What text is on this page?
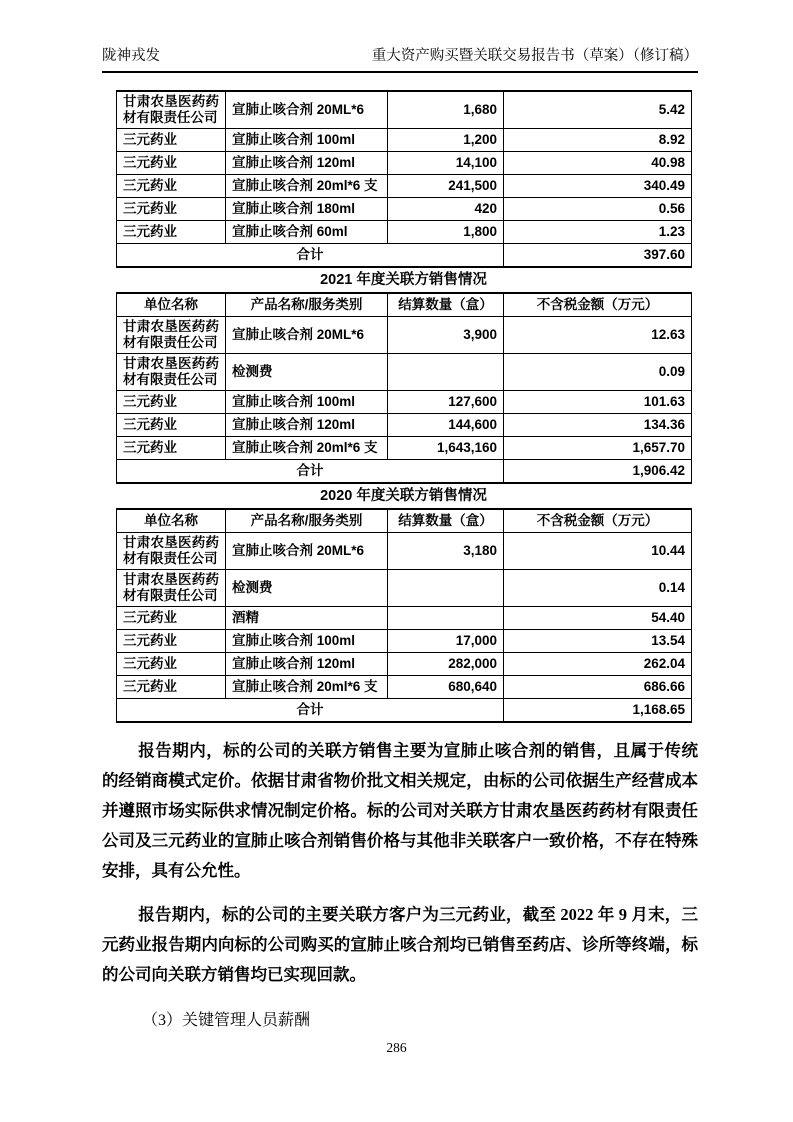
陇神戎发	重大资产购买暨关联交易报告书（草案）（修订稿）
甘肃农垦医药药材有限责任公司	宣肺止咳合剂 20ML*6	1,680	5.42
三元药业	宣肺止咳合剂 100ml	1,200	8.92
三元药业	宣肺止咳合剂 120ml	14,100	40.98
三元药业	宣肺止咳合剂 20ml*6 支	241,500	340.49
三元药业	宣肺止咳合剂 180ml	420	0.56
三元药业	宣肺止咳合剂 60ml	1,800	1.23
合计			397.60
2021 年度关联方销售情况
单位名称	产品名称/服务类别	结算数量（盒）	不含税金额（万元）
甘肃农垦医药药材有限责任公司	宣肺止咳合剂 20ML*6	3,900	12.63
甘肃农垦医药药材有限责任公司	检测费		0.09
三元药业	宣肺止咳合剂 100ml	127,600	101.63
三元药业	宣肺止咳合剂 120ml	144,600	134.36
三元药业	宣肺止咳合剂 20ml*6 支	1,643,160	1,657.70
合计			1,906.42
2020 年度关联方销售情况
单位名称	产品名称/服务类别	结算数量（盒）	不含税金额（万元）
甘肃农垦医药药材有限责任公司	宣肺止咳合剂 20ML*6	3,180	10.44
甘肃农垦医药药材有限责任公司	检测费		0.14
三元药业	酒精		54.40
三元药业	宣肺止咳合剂 100ml	17,000	13.54
三元药业	宣肺止咳合剂 120ml	282,000	262.04
三元药业	宣肺止咳合剂 20ml*6 支	680,640	686.66
合计			1,168.65

报告期内，标的公司的关联方销售主要为宣肺止咳合剂的销售，且属于传统的经销商模式定价。依据甘肃省物价批文相关规定，由标的公司依据生产经营成本并遵照市场实际供求情况制定价格。标的公司对关联方甘肃农垦医药药材有限责任公司及三元药业的宣肺止咳合剂销售价格与其他非关联客户一致价格，不存在特殊安排，具有公允性。

报告期内，标的公司的主要关联方客户为三元药业，截至 2022 年 9 月末，三元药业报告期内向标的公司购买的宣肺止咳合剂均已销售至药店、诊所等终端，标的公司向关联方销售均已实现回款。

（3）关键管理人员薪酬
286
